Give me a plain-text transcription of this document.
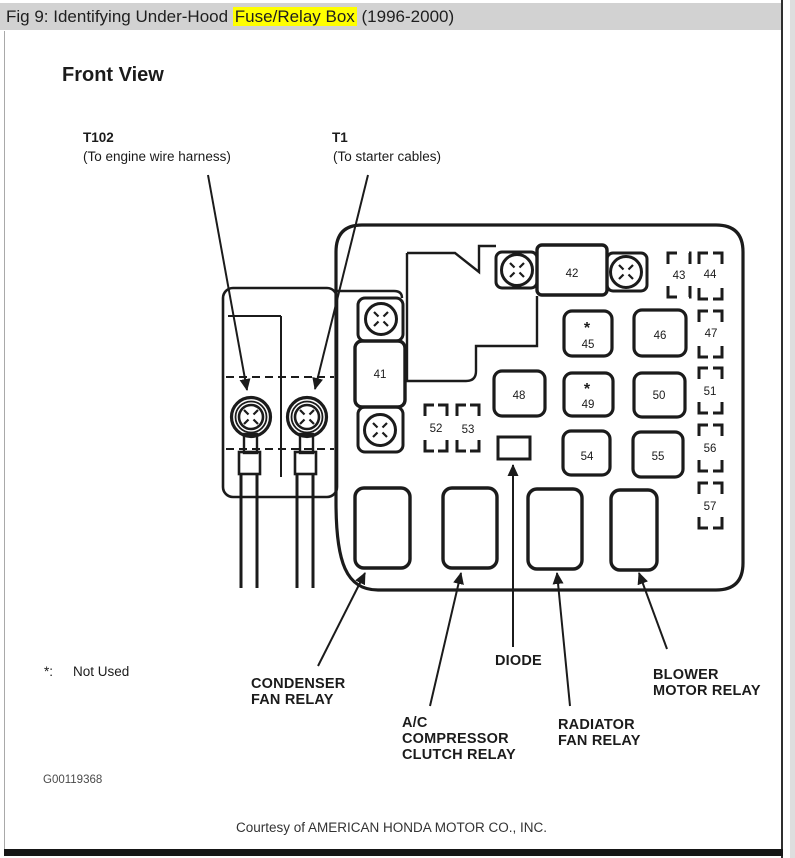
Fig 9: Identifying Under-Hood Fuse/Relay Box (1996-2000)
Courtesy of AMERICAN HONDA MOTOR CO., INC.
Front View
T102
(To engine wire harness)
T1
(To starter cables)
41
42	43 44
*
45
46	47
48	*
49
50	51
52 53
54	55
56
57
DIODE
CONDENSER
FAN RELAY
A/C
COMPRESSOR
CLUTCH RELAY
RADIATOR
FAN RELAY
BLOWER
MOTOR RELAY
*: Not Used
G00119368
